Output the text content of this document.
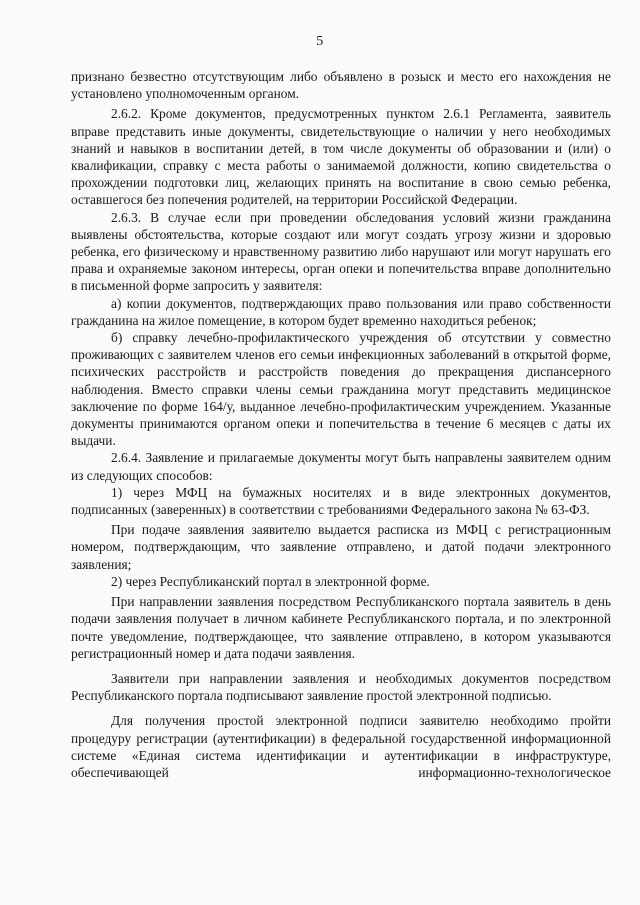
5

признано безвестно отсутствующим либо объявлено в розыск и место его нахождения не установлено уполномоченным органом.

2.6.2. Кроме документов, предусмотренных пунктом 2.6.1 Регламента, заявитель вправе представить иные документы, свидетельствующие о наличии у него необходимых знаний и навыков в воспитании детей, в том числе документы об образовании и (или) о квалификации, справку с места работы о занимаемой должности, копию свидетельства о прохождении подготовки лиц, желающих принять на воспитание в свою семью ребенка, оставшегося без попечения родителей, на территории Российской Федерации.

2.6.3. В случае если при проведении обследования условий жизни гражданина выявлены обстоятельства, которые создают или могут создать угрозу жизни и здоровью ребенка, его физическому и нравственному развитию либо нарушают или могут нарушать его права и охраняемые законом интересы, орган опеки и попечительства вправе дополнительно в письменной форме запросить у заявителя:

а) копии документов, подтверждающих право пользования или право собственности гражданина на жилое помещение, в котором будет временно находиться ребенок;

б) справку лечебно-профилактического учреждения об отсутствии у совместно проживающих с заявителем членов его семьи инфекционных заболеваний в открытой форме, психических расстройств и расстройств поведения до прекращения диспансерного наблюдения. Вместо справки члены семьи гражданина могут представить медицинское заключение по форме 164/у, выданное лечебно-профилактическим учреждением. Указанные документы принимаются органом опеки и попечительства в течение 6 месяцев с даты их выдачи.

2.6.4. Заявление и прилагаемые документы могут быть направлены заявителем одним из следующих способов:

1) через МФЦ на бумажных носителях и в виде электронных документов, подписанных (заверенных) в соответствии с требованиями Федерального закона № 63-ФЗ.

При подаче заявления заявителю выдается расписка из МФЦ с регистрационным номером, подтверждающим, что заявление отправлено, и датой подачи электронного заявления;

2) через Республиканский портал в электронной форме.

При направлении заявления посредством Республиканского портала заявитель в день подачи заявления получает в личном кабинете Республиканского портала, и по электронной почте уведомление, подтверждающее, что заявление отправлено, в котором указываются регистрационный номер и дата подачи заявления.

Заявители при направлении заявления и необходимых документов посредством Республиканского портала подписывают заявление простой электронной подписью.

Для получения простой электронной подписи заявителю необходимо пройти процедуру регистрации (аутентификации) в федеральной государственной информационной системе «Единая система идентификации и аутентификации в инфраструктуре, обеспечивающей информационно-технологическое
